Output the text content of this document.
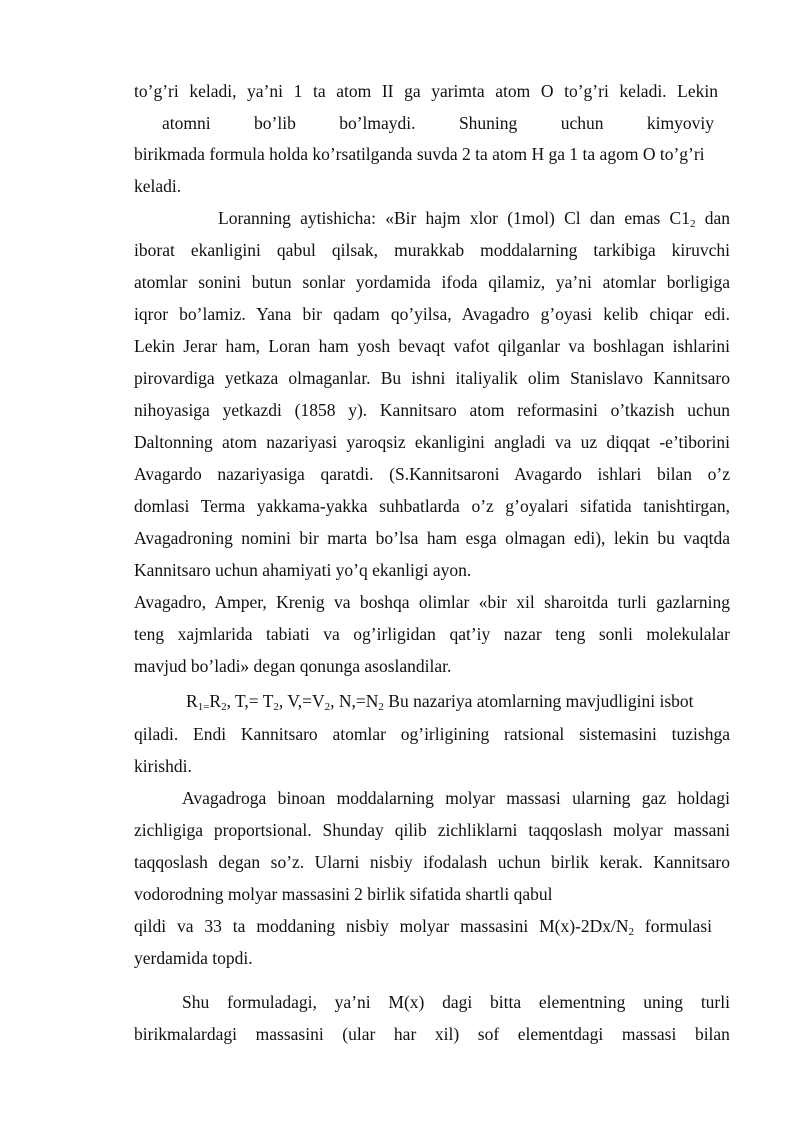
to’g’ri keladi, ya’ni 1 ta atom II ga yarimta atom O to’g’ri keladi. Lekin
atomni bo’lib bo’lmaydi. Shuning uchun kimyoviy
birikmada formula holda ko’rsatilganda suvda 2 ta atom H ga 1 ta agom O to’g’ri
keladi.
Loranning aytishicha: «Bir hajm xlor (1mol) Cl dan emas $C1_2$ dan
iborat ekanligini qabul qilsak, murakkab moddalarning tarkibiga kiruvchi
atomlar sonini butun sonlar yordamida ifoda qilamiz, ya’ni atomlar borligiga
iqror bo’lamiz. Yana bir qadam qo’yilsa, Avagadro g’oyasi kelib chiqar edi.
Lekin Jerar ham, Loran ham yosh bevaqt vafot qilganlar va boshlagan ishlarini
pirovardiga yetkaza olmaganlar. Bu ishni italiyalik olim Stanislavo Kannitsaro
nihoyasiga yetkazdi (1858 y). Kannitsaro atom reformasini o’tkazish uchun
Daltonning atom nazariyasi yaroqsiz ekanligini angladi va uz diqqat -e’tiborini
Avagardo nazariyasiga qaratdi. (S.Kannitsaroni Avagardo ishlari bilan o’z
domlasi Terma yakkama-yakka suhbatlarda o’z g’oyalari sifatida tanishtirgan,
Avagadroning nomini bir marta bo’lsa ham esga olmagan edi), lekin bu vaqtda
Kannitsaro uchun ahamiyati yo’q ekanligi ayon.
Avagadro, Amper, Krenig va boshqa olimlar «bir xil sharoitda turli gazlarning
teng xajmlarida tabiati va og’irligidan qat’iy nazar teng sonli molekulalar
mavjud bo’ladi» degan qonunga asoslandilar.
$R_{1=}R_2$, $T,= T_2$, $V,=V_2$, $N,=N_2$ Bu nazariya atomlarning mavjudligini isbot
qiladi. Endi Kannitsaro atomlar og’irligining ratsional sistemasini tuzishga
kirishdi.
Avagadroga binoan moddalarning molyar massasi ularning gaz holdagi
zichligiga proportsional. Shunday qilib zichliklarni taqqoslash molyar massani
taqqoslash degan so’z. Ularni nisbiy ifodalash uchun birlik kerak. Kannitsaro
vodorodning molyar massasini 2 birlik sifatida shartli qabul
qildi va 33 ta moddaning nisbiy molyar massasini $M(x)-2Dx/N_2$ formulasi
yerdamida topdi.
Shu formuladagi, ya’ni M(x) dagi bitta elementning uning turli
birikmalardagi massasini (ular har xil) sof elementdagi massasi bilan
